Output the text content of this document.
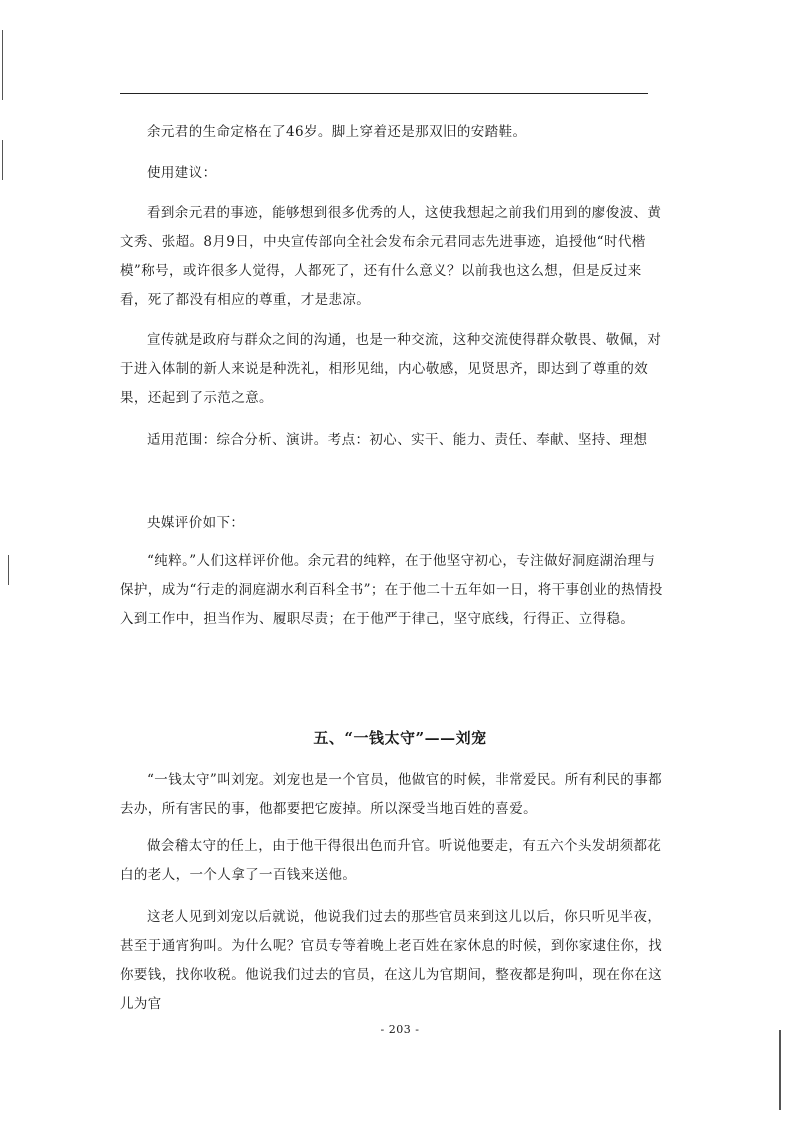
余元君的生命定格在了46岁。脚上穿着还是那双旧的安踏鞋。

使用建议：

看到余元君的事迹，能够想到很多优秀的人，这使我想起之前我们用到的廖俊波、黄文秀、张超。8月9日，中央宣传部向全社会发布余元君同志先进事迹，追授他“时代楷模”称号，或许很多人觉得，人都死了，还有什么意义？以前我也这么想，但是反过来看，死了都没有相应的尊重，才是悲凉。

宣传就是政府与群众之间的沟通，也是一种交流，这种交流使得群众敬畏、敬佩，对于进入体制的新人来说是种洗礼，相形见绌，内心敬感，见贤思齐，即达到了尊重的效果，还起到了示范之意。

适用范围：综合分析、演讲。考点：初心、实干、能力、责任、奉献、坚持、理想

央媒评价如下：

“纯粹。”人们这样评价他。余元君的纯粹，在于他坚守初心，专注做好洞庭湖治理与保护，成为“行走的洞庭湖水利百科全书”；在于他二十五年如一日，将干事创业的热情投入到工作中，担当作为、履职尽责；在于他严于律己，坚守底线，行得正、立得稳。

五、“一钱太守”——刘宠

“一钱太守”叫刘宠。刘宠也是一个官员，他做官的时候，非常爱民。所有利民的事都去办，所有害民的事，他都要把它废掉。所以深受当地百姓的喜爱。

做会稽太守的任上，由于他干得很出色而升官。听说他要走，有五六个头发胡须都花白的老人，一个人拿了一百钱来送他。

这老人见到刘宠以后就说，他说我们过去的那些官员来到这儿以后，你只听见半夜，甚至于通宵狗叫。为什么呢？官员专等着晚上老百姓在家休息的时候，到你家逮住你，找你要钱，找你收税。他说我们过去的官员，在这儿为官期间，整夜都是狗叫，现在你在这儿为官

- 203 -
